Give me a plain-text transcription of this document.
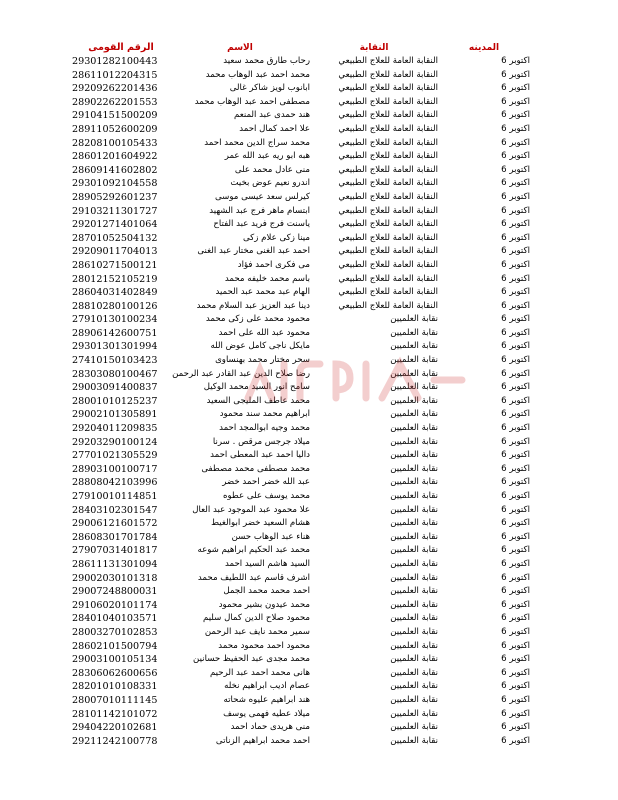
الرقم القومى	الاسم	النقابة	المدينه
29301282100443	رحاب طارق محمد سعيد	النقابة العامة للعلاج الطبيعي	اكتوبر 6
28611012204315	محمد احمد عبد الوهاب محمد	النقابة العامة للعلاج الطبيعي	اكتوبر 6
29209262201436	ابانوب لويز شاكر غالى	النقابة العامة للعلاج الطبيعي	اكتوبر 6
28902262201553	مصطفى احمد عبد الوهاب محمد	النقابة العامة للعلاج الطبيعي	اكتوبر 6
29104151500209	هند حمدى عبد المنعم	النقابة العامة للعلاج الطبيعي	اكتوبر 6
28911052600209	علا احمد كمال احمد	النقابة العامة للعلاج الطبيعي	اكتوبر 6
28208100105433	محمد سراج الدين محمد احمد	النقابة العامة للعلاج الطبيعي	اكتوبر 6
28601201604922	هبه ابو ريه عبد الله عمر	النقابة العامة للعلاج الطبيعي	اكتوبر 6
28609141602802	منى عادل محمد على	النقابة العامة للعلاج الطبيعي	اكتوبر 6
29301092104558	اندرو نعيم عوض بخيت	النقابة العامة للعلاج الطبيعي	اكتوبر 6
28905292601237	كيرلس سعد عيسى موسى	النقابة العامة للعلاج الطبيعي	اكتوبر 6
29103211301727	ابتسام ماهر فرج عبد الشهيد	النقابة العامة للعلاج الطبيعي	اكتوبر 6
29201271401064	ياسنت فرج فريد عبد الفتاح	النقابة العامة للعلاج الطبيعي	اكتوبر 6
28701052504132	مينا زكى علام زكى	النقابة العامة للعلاج الطبيعي	اكتوبر 6
29209011704013	احمد عبد الغنى مختار عبد الغنى	النقابة العامة للعلاج الطبيعي	اكتوبر 6
28610271500121	مى فكرى احمد فؤاد	النقابة العامة للعلاج الطبيعي	اكتوبر 6
28012152105219	باسم محمد خليفه محمد	النقابة العامة للعلاج الطبيعي	اكتوبر 6
28604031402849	الهام عبد محمد عبد الحميد	النقابة العامة للعلاج الطبيعي	اكتوبر 6
28810280100126	دينا عبد العزيز عبد السلام محمد	النقابة العامة للعلاج الطبيعي	اكتوبر 6
27910130100234	محمود محمد على زكى محمد	نقابة العلميين	اكتوبر 6
28906142600751	محمود عبد الله على احمد	نقابة العلميين	اكتوبر 6
29301301301994	مايكل ناجى كامل عوض الله	نقابة العلميين	اكتوبر 6
27410150103423	سحر مختار محمد بهنساوى	نقابة العلميين	اكتوبر 6
28303080100467	رضا صلاح الدين عبد القادر عبد الرحمن	نقابة العلميين	اكتوبر 6
29003091400837	سامح انور السيد محمد الوكيل	نقابة العلميين	اكتوبر 6
28001010125237	محمد عاطف المليجى السعيد	نقابة العلميين	اكتوبر 6
29002101305891	ابراهيم محمد سند محمود	نقابة العلميين	اكتوبر 6
29204011209835	محمد وجيه ابوالمجد احمد	نقابة العلميين	اكتوبر 6
29203290100124	ميلاد جرجس مرقص . سرنا	نقابة العلميين	اكتوبر 6
27701021305529	داليا احمد عبد المعطى احمد	نقابة العلميين	اكتوبر 6
28903100100717	محمد مصطفى محمد مصطفى	نقابة العلميين	اكتوبر 6
28808042103996	عبد الله خضر احمد خضر	نقابة العلميين	اكتوبر 6
27910010114851	محمد يوسف على عطوه	نقابة العلميين	اكتوبر 6
28403102301547	علا محمود عبد الموجود عبد العال	نقابة العلميين	اكتوبر 6
29006121601572	هشام السعيد خضر ابوالغيط	نقابة العلميين	اكتوبر 6
28608301701784	هناء عبد الوهاب حسن	نقابة العلميين	اكتوبر 6
27907031401817	محمد عبد الحكيم ابراهيم شوعه	نقابة العلميين	اكتوبر 6
28611131301094	السيد هاشم السيد احمد	نقابة العلميين	اكتوبر 6
29002030101318	اشرف قاسم عبد اللطيف محمد	نقابة العلميين	اكتوبر 6
29007248800031	احمد محمد محمد الجمل	نقابة العلميين	اكتوبر 6
29106020101174	محمد عيدون بشير محمود	نقابة العلميين	اكتوبر 6
28401040103571	محمود صلاح الدين كمال سليم	نقابة العلميين	اكتوبر 6
28003270102853	سمير محمد نايف عبد الرحمن	نقابة العلميين	اكتوبر 6
28602101500794	محمود احمد محمود محمد	نقابة العلميين	اكتوبر 6
29003100105134	محمد مجدى عبد الحفيظ حسانين	نقابة العلميين	اكتوبر 6
28306062600656	هانى محمد احمد عبد الرحيم	نقابة العلميين	اكتوبر 6
28201010108331	عصام اديب ابراهيم نخله	نقابة العلميين	اكتوبر 6
28007010111145	هند ابراهيم عليوه شحاته	نقابة العلميين	اكتوبر 6
28101142101072	ميلاد عطيه فهمى يوسف	نقابة العلميين	اكتوبر 6
29404220102681	منى هريدى حماد احمد	نقابة العلميين	اكتوبر 6
29211242100778	احمد محمد ابراهيم الزناتى	نقابة العلميين	اكتوبر 6
